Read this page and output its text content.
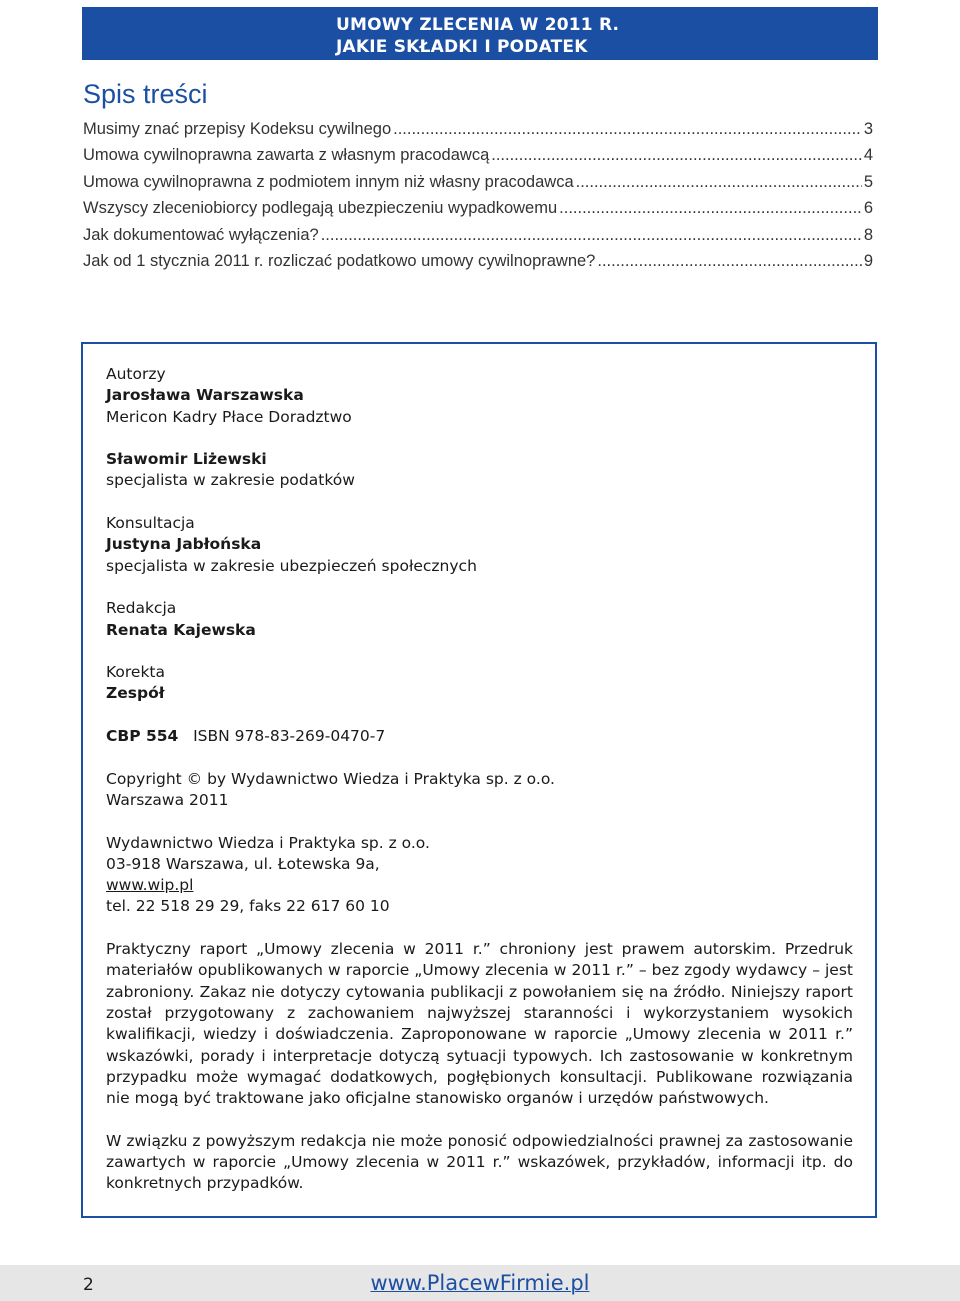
UMOWY ZLECENIA W 2011 R.
JAKIE SKŁADKI I PODATEK
Spis treści
Musimy znać przepisy Kodeksu cywilnego .....	3
Umowa cywilnoprawna zawarta z własnym pracodawcą .....	4
Umowa cywilnoprawna z podmiotem innym niż własny pracodawca .....	5
Wszyscy zleceniobiorcy podlegają ubezpieczeniu wypadkowemu .....	6
Jak dokumentować wyłączenia? .....	8
Jak od 1 stycznia 2011 r. rozliczać podatkowo umowy cywilnoprawne? .....	9

Autorzy

Jarosława Warszawska

Mericon Kadry Płace Doradztwo

Sławomir Liżewski

specjalista w zakresie podatków

Konsultacja

Justyna Jabłońska

specjalista w zakresie ubezpieczeń społecznych

Redakcja

Renata Kajewska

Korekta

Zespół

CBP 554 ISBN 978-83-269-0470-7

Copyright © by Wydawnictwo Wiedza i Praktyka sp. z o.o.

Warszawa 2011

Wydawnictwo Wiedza i Praktyka sp. z o.o.

03-918 Warszawa, ul. Łotewska 9a,

www.wip.pl

tel. 22 518 29 29, faks 22 617 60 10

Praktyczny raport „Umowy zlecenia w 2011 r.” chroniony jest prawem autorskim. Przedruk materiałów opublikowanych w raporcie „Umowy zlecenia w 2011 r.” – bez zgody wydawcy – jest zabroniony. Zakaz nie dotyczy cytowania publikacji z powołaniem się na źródło. Niniejszy raport został przygotowany z zachowaniem najwyższej staranności i wykorzystaniem wysokich kwalifikacji, wiedzy i doświadczenia. Zaproponowane w raporcie „Umowy zlecenia w 2011 r.” wskazówki, porady i interpretacje dotyczą sytuacji typowych. Ich zastosowanie w konkretnym przypadku może wymagać dodatkowych, pogłębionych konsultacji. Publikowane rozwiązania nie mogą być traktowane jako oficjalne stanowisko organów i urzędów państwowych.

W związku z powyższym redakcja nie może ponosić odpowiedzialności prawnej za zastosowanie zawartych w raporcie „Umowy zlecenia w 2011 r.” wskazówek, przykładów, informacji itp. do konkretnych przypadków.

2	www.PlacewFirmie.pl
